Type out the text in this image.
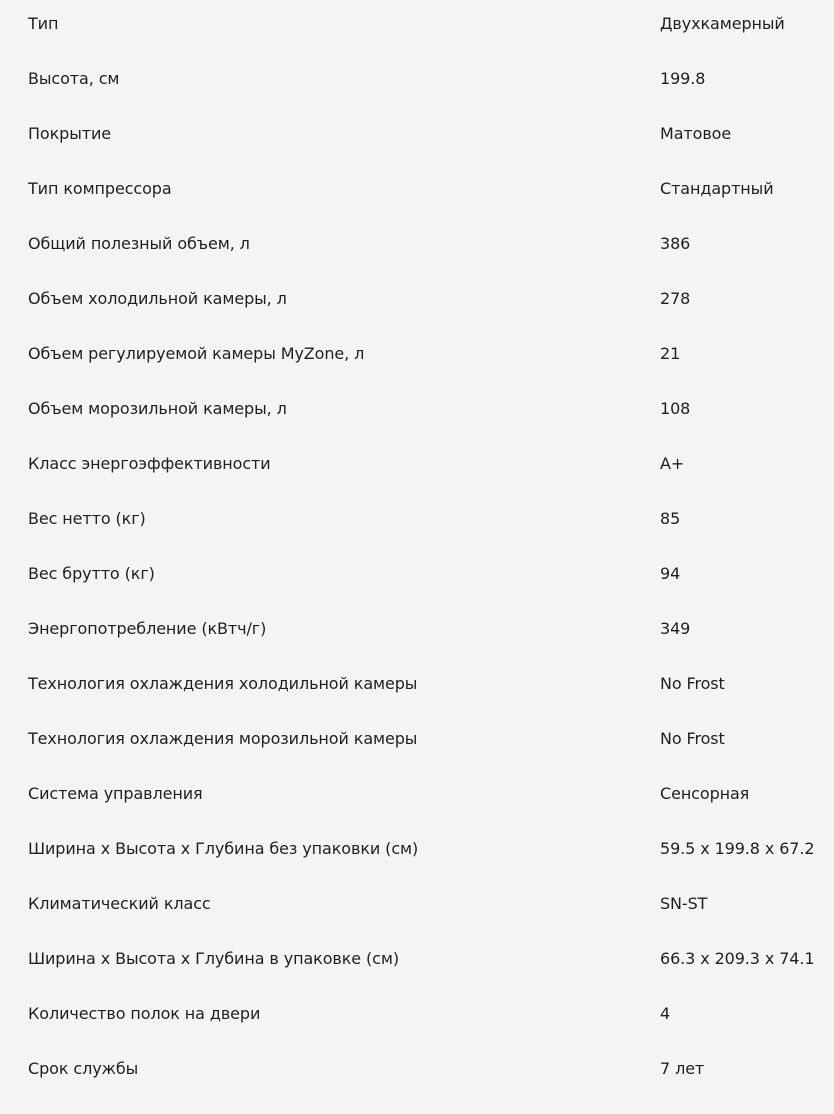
Тип	Двухкамерный
Высота, см	199.8
Покрытие	Матовое
Тип компрессора	Стандартный
Общий полезный объем, л	386
Объем холодильной камеры, л	278
Объем регулируемой камеры MyZone, л	21
Объем морозильной камеры, л	108
Класс энергоэффективности	A+
Вес нетто (кг)	85
Вес брутто (кг)	94
Энергопотребление (кВтч/г)	349
Технология охлаждения холодильной камеры	No Frost
Технология охлаждения морозильной камеры	No Frost
Система управления	Сенсорная
Ширина x Высота x Глубина без упаковки (см)	59.5 x 199.8 x 67.2
Климатический класс	SN-ST
Ширина x Высота x Глубина в упаковке (см)	66.3 x 209.3 x 74.1
Количество полок на двери	4
Срок службы	7 лет
